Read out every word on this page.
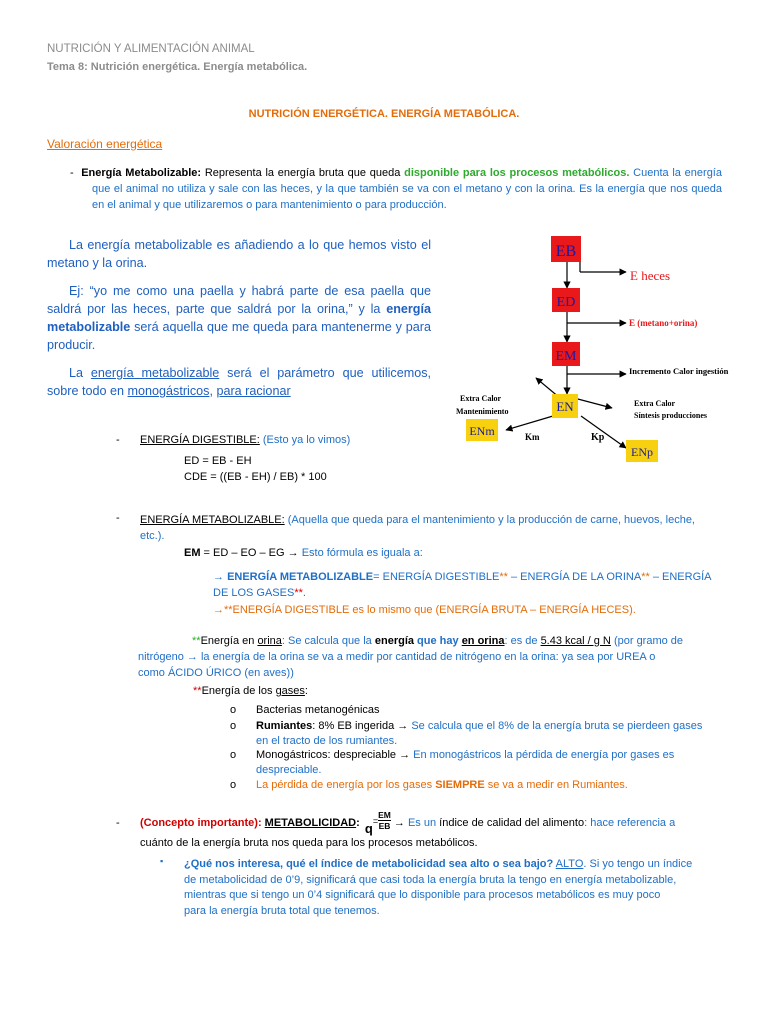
NUTRICIÓN Y ALIMENTACIÓN ANIMAL
Tema 8: Nutrición energética. Energía metabólica.
NUTRICIÓN ENERGÉTICA. ENERGÍA METABÓLICA.
Valoración energética

- Energía Metabolizable: Representa la energía bruta que queda disponible para los procesos metabólicos. Cuenta la energía que el animal no utiliza y sale con las heces, y la que también se va con el metano y con la orina. Es la energía que nos queda en el animal y que utilizaremos o para mantenimiento o para producción.

La energía metabolizable es añadiendo a lo que hemos visto el metano y la orina.

Ej: “yo me como una paella y habrá parte de esa paella que saldrá por las heces, parte que saldrá por la orina,” y la energía metabolizable será aquella que me queda para mantenerme y para producir.

La energía metabolizable será el parámetro que utilicemos, sobre todo en monogástricos, para racionar

EB
ED
EM
EN
ENm
ENp
E heces
E (metano+orina)
Incremento Calor ingestión
Extra Calor
Mantenimiento
Extra Calor
Síntesis producciones
Km	Kp
- ENERGÍA DIGESTIBLE: (Esto ya lo vimos)
ED = EB - EH
CDE = ((EB - EH) / EB) * 100
- ENERGÍA METABOLIZABLE: (Aquella que queda para el mantenimiento y la producción de carne, huevos, leche, etc.).
EM = ED – EO – EG → Esto fórmula es iguala a:
→ ENERGÍA METABOLIZABLE= ENERGÍA DIGESTIBLE** – ENERGÍA DE LA ORINA** – ENERGÍA DE LOS GASES**.
→**ENERGÍA DIGESTIBLE es lo mismo que (ENERGÍA BRUTA – ENERGÍA HECES).
**Energía en orina: Se calcula que la energía que hay en orina: es de 5.43 kcal / g N (por gramo de
nitrógeno → la energía de la orina se va a medir por cantidad de nitrógeno en la orina: ya sea por UREA o
como ÁCIDO ÚRICO (en aves))
**Energía de los gases:
o Bacterias metanogénicas
o Rumiantes: 8% EB ingerida → Se calcula que el 8% de la energía bruta se pierdeen gases
en el tracto de los rumiantes.
o Monogástricos: despreciable → En monogástricos la pérdida de energía por gases es
despreciable.
o La pérdida de energía por los gases SIEMPRE se va a medir en Rumiantes.
- (Concepto importante): METABOLICIDAD: $q= \frac{EM}{EB} \to Es$ un índice de calidad del alimento: hace referencia a
cuánto de la energía bruta nos queda para los procesos metabólicos.
▪ ¿Qué nos interesa, qué el índice de metabolicidad sea alto o sea bajo? ALTO. Si yo tengo un índice
de metabolicidad de 0’9, significará que casi toda la energía bruta la tengo en energía metabolizable,
mientras que si tengo un 0’4 significará que lo disponible para procesos metabólicos es muy poco
para la energía bruta total que tenemos.
